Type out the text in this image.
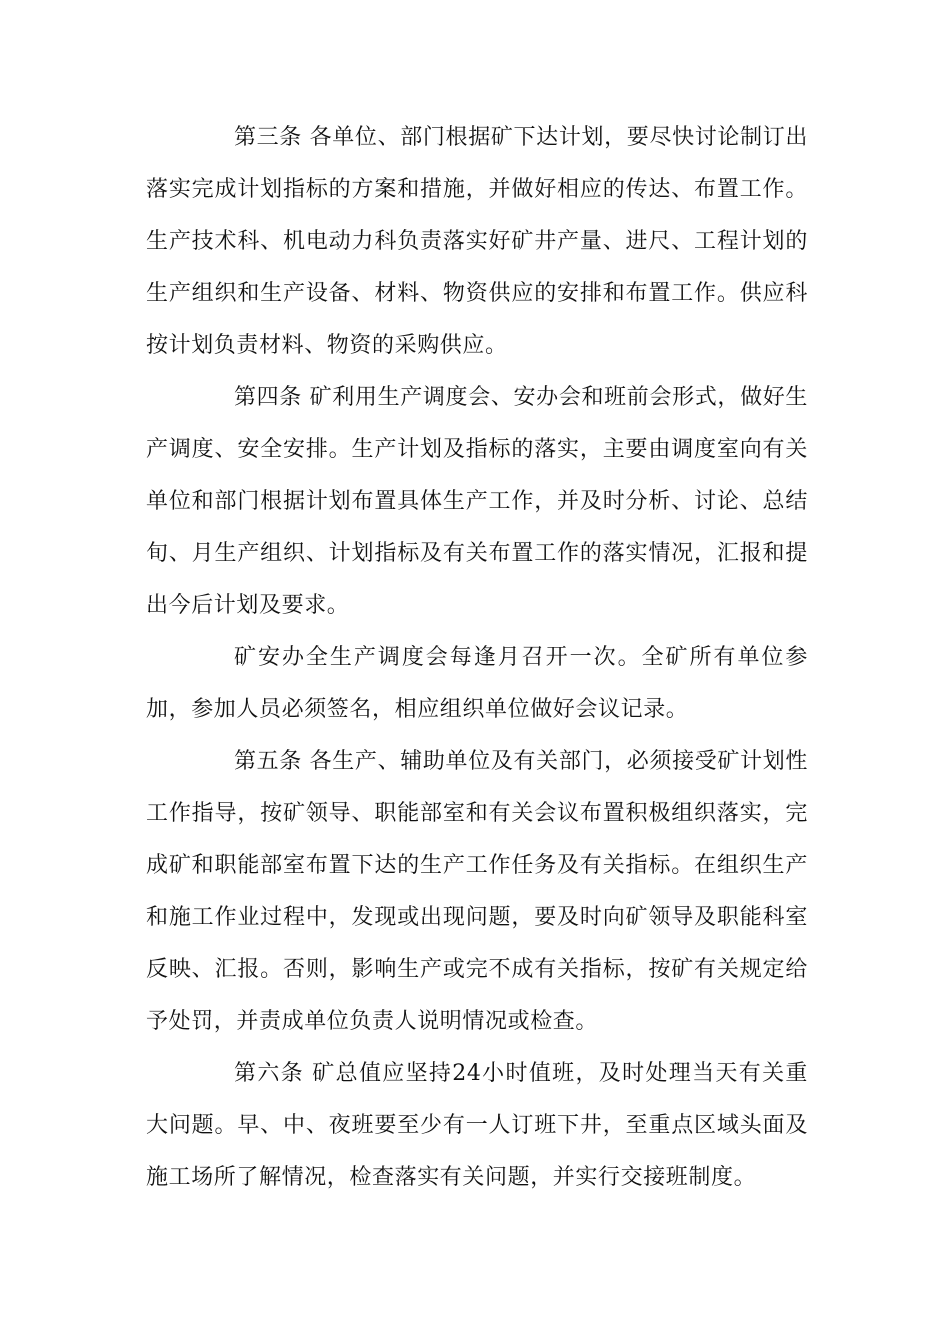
第三条 各单位、部门根据矿下达计划，要尽快讨论制订出落实完成计划指标的方案和措施，并做好相应的传达、布置工作。生产技术科、机电动力科负责落实好矿井产量、进尺、工程计划的生产组织和生产设备、材料、物资供应的安排和布置工作。供应科按计划负责材料、物资的采购供应。

第四条 矿利用生产调度会、安办会和班前会形式，做好生产调度、安全安排。生产计划及指标的落实，主要由调度室向有关单位和部门根据计划布置具体生产工作，并及时分析、讨论、总结旬、月生产组织、计划指标及有关布置工作的落实情况，汇报和提出今后计划及要求。

矿安办全生产调度会每逢月召开一次。全矿所有单位参加，参加人员必须签名，相应组织单位做好会议记录。

第五条 各生产、辅助单位及有关部门，必须接受矿计划性工作指导，按矿领导、职能部室和有关会议布置积极组织落实，完成矿和职能部室布置下达的生产工作任务及有关指标。在组织生产和施工作业过程中，发现或出现问题，要及时向矿领导及职能科室反映、汇报。否则，影响生产或完不成有关指标，按矿有关规定给予处罚，并责成单位负责人说明情况或检查。

第六条 矿总值应坚持24小时值班，及时处理当天有关重大问题。早、中、夜班要至少有一人订班下井，至重点区域头面及施工场所了解情况，检查落实有关问题，并实行交接班制度。
